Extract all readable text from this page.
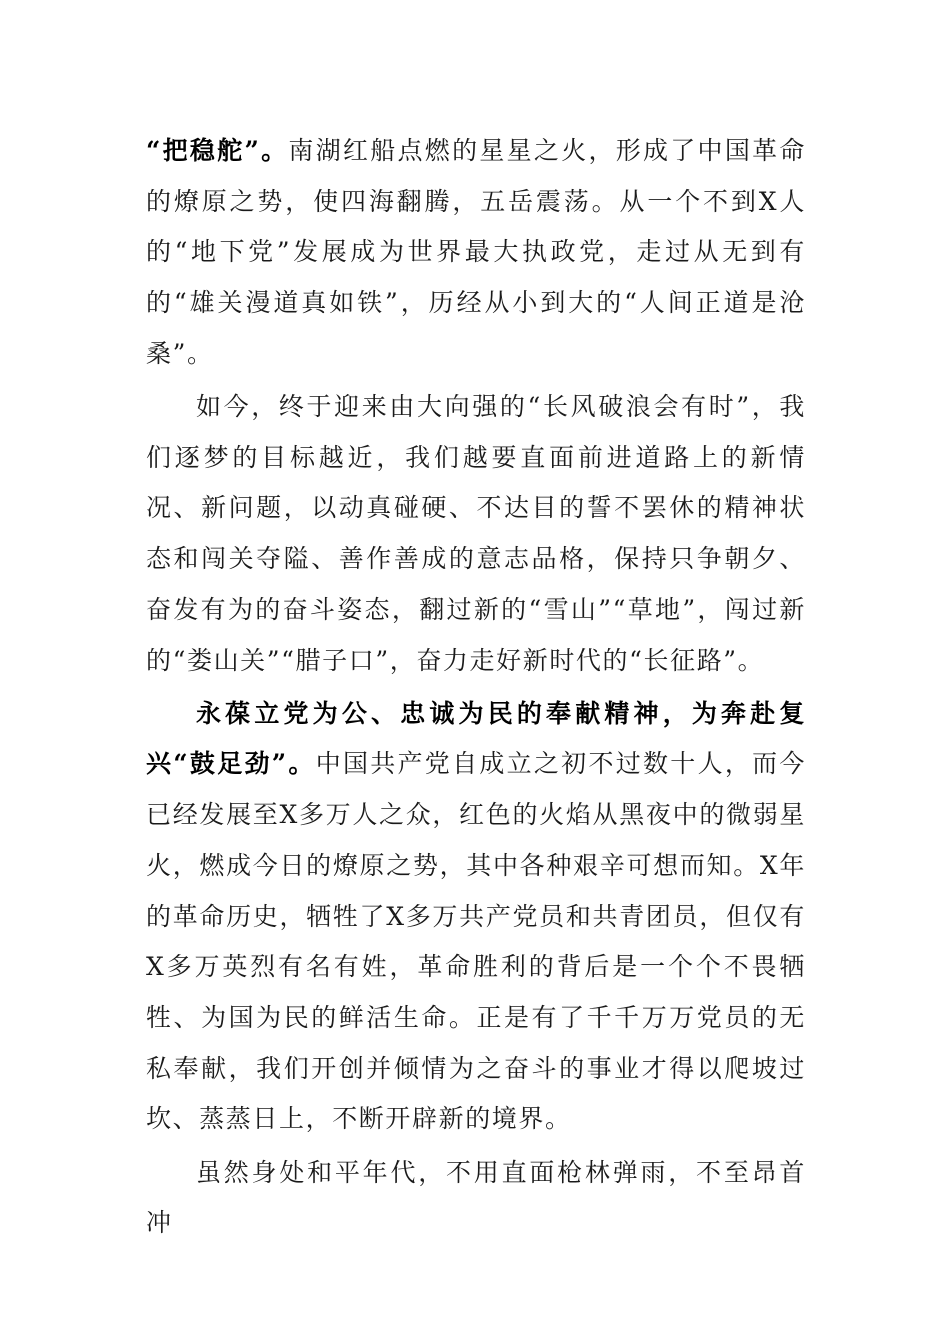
“把稳舵”。南湖红船点燃的星星之火，形成了中国革命的燎原之势，使四海翻腾，五岳震荡。从一个不到X人的“地下党”发展成为世界最大执政党，走过从无到有的“雄关漫道真如铁”，历经从小到大的“人间正道是沧桑”。

如今，终于迎来由大向强的“长风破浪会有时”，我们逐梦的目标越近，我们越要直面前进道路上的新情况、新问题，以动真碰硬、不达目的誓不罢休的精神状态和闯关夺隘、善作善成的意志品格，保持只争朝夕、奋发有为的奋斗姿态，翻过新的“雪山”“草地”，闯过新的“娄山关”“腊子口”，奋力走好新时代的“长征路”。

永葆立党为公、忠诚为民的奉献精神，为奔赴复兴“鼓足劲”。中国共产党自成立之初不过数十人，而今已经发展至X多万人之众，红色的火焰从黑夜中的微弱星火，燃成今日的燎原之势，其中各种艰辛可想而知。X年的革命历史，牺牲了X多万共产党员和共青团员，但仅有X多万英烈有名有姓，革命胜利的背后是一个个不畏牺牲、为国为民的鲜活生命。正是有了千千万万党员的无私奉献，我们开创并倾情为之奋斗的事业才得以爬坡过坎、蒸蒸日上，不断开辟新的境界。

虽然身处和平年代，不用直面枪林弹雨，不至昂首冲
